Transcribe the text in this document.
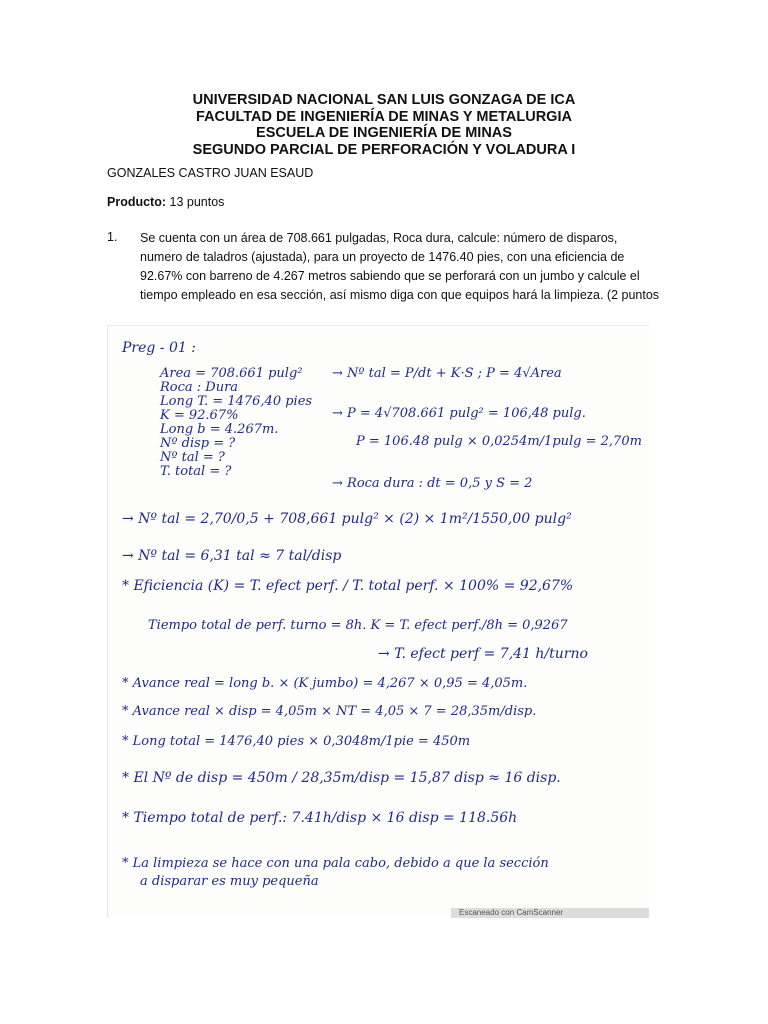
UNIVERSIDAD NACIONAL SAN LUIS GONZAGA DE ICA
FACULTAD DE INGENIERÍA DE MINAS Y METALURGIA
ESCUELA DE INGENIERÍA DE MINAS
SEGUNDO PARCIAL DE PERFORACIÓN Y VOLADURA I
GONZALES CASTRO JUAN ESAUD
Producto: 13 puntos
1. Se cuenta con un área de 708.661 pulgadas, Roca dura, calcule: número de disparos, numero de taladros (ajustada), para un proyecto de 1476.40 pies, con una eficiencia de 92.67% con barreno de 4.267 metros sabiendo que se perforará con un jumbo y calcule el tiempo empleado en esa sección, así mismo diga con que equipos hará la limpieza. (2 puntos
Preg - 01 :
Area = 708.661 pulg²
Roca : Dura
Long T. = 1476,40 pies
K = 92.67%
Long b = 4.267m.
Nº disp = ?
Nº tal = ?
T. total = ?
→ Nº tal = P/dt + K·S ; P = 4√Area
→ P = 4√708.661 pulg² = 106,48 pulg.
P = 106.48 pulg × 0,0254m/1pulg = 2,70m
→ Roca dura : dt = 0,5 y S = 2
→ Nº tal = 2,70/0,5 + 708,661 pulg² × (2) × 1m²/1550,00 pulg²
→ Nº tal = 6,31 tal ≈ 7 tal/disp
* Eficiencia (K) = T. efect perf. / T. total perf. × 100% = 92,67%
Tiempo total de perf. turno = 8h. K = T. efect perf./8h = 0,9267
→ T. efect perf = 7,41 h/turno
* Avance real = long b. × (K jumbo) = 4,267 × 0,95 = 4,05m.
* Avance real × disp = 4,05m × NT = 4,05 × 7 = 28,35m/disp.
* Long total = 1476,40 pies × 0,3048m/1pie = 450m
* El Nº de disp = 450m / 28,35m/disp = 15,87 disp ≈ 16 disp.
* Tiempo total de perf.: 7.41h/disp × 16 disp = 118.56h
* La limpieza se hace con una pala cabo, debido a que la sección
a disparar es muy pequeña
Escaneado con CamScanner
